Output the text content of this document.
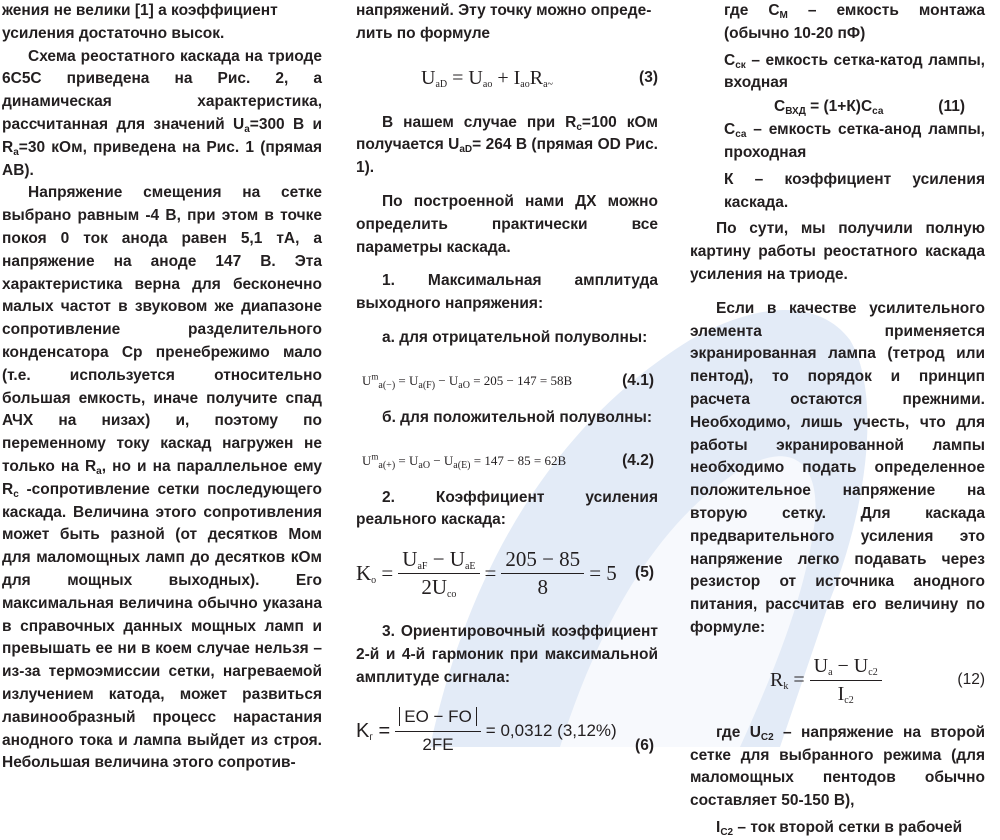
жения не велики [1] а коэффициент

усиления достаточно высок.

Схема реостатного каскада на триоде 6С5С приведена на Рис. 2, а динамическая характеристика, рассчитанная для значений $U_a=300$ В и $R_a=30$ кОм, приведена на Рис. 1 (прямая АВ).

Напряжение смещения на сетке выбрано равным -4 В, при этом в точке покоя 0 ток анода равен 5,1 тА, а напряжение на аноде 147 В. Эта характеристика верна для бесконечно малых частот в звуковом же диапазоне сопротивление разделительного конденсатора Ср пренебрежимо мало (т.е. используется относительно большая емкость, иначе получите спад АЧХ на низах) и, поэтому по переменному току каскад нагружен не только на $R_a$, но и на параллельное ему $R_c$ -сопротивление сетки последующего каскада. Величина этого сопротивления может быть разной (от десятков Мом для маломощных ламп до десятков кОм для мощных выходных). Его максимальная величина обычно указана в справочных данных мощных ламп и превышать ее ни в коем случае нельзя – из-за термоэмиссии сетки, нагреваемой излучением катода, может развиться лавинообразный процесс нарастания анодного тока и лампа выйдет из строя. Небольшая величина этого сопротив-

напряжений. Эту точку можно опреде-

лить по формуле

$U_{aD} = U_{ao} + I_{ao}R_{a\sim}$	(3)

В нашем случае при $R_c=100$ кОм получается $U_{aD}= 264$ В (прямая OD Рис. 1).

По построенной нами ДХ можно определить практически все параметры каскада.

1. Максимальная амплитуда выходного напряжения:

а. для отрицательной полуволны:

$U^m_{a(-)} = U_{a(F)} - U_{aO} = 205 - 147 = 58В$	(4.1)

б. для положительной полуволны:

$U^m_{a(+)} = U_{aO} - U_{a(E)} = 147 - 85 = 62В$	(4.2)

2. Коэффициент усиления реального каскада:

$K_o = \frac{U_{aF} - U_{aE}}{2U_{co}} = \frac{205 - 85}{8} = 5$ (5)

3. Ориентировочный коэффициент 2-й и 4-й гармоник при максимальной амплитуде сигнала:

$K_г = \frac{EO - FO}{2FE} = 0,0312$ (3,12%)
(6)

где $С_М$ – емкость монтажа (обычно 10-20 пФ)

$С_{ск}$ – емкость сетка-катод лампы, входная

$С_{ВХД} = (1+К)С_{са}$	(11)

$С_{са}$ – емкость сетка-анод лампы, проходная

К – коэффициент усиления каскада.

По сути, мы получили полную картину работы реостатного каскада усиления на триоде.

Если в качестве усилительного элемента применяется экранированная лампа (тетрод или пентод), то порядок и принцип расчета остаются прежними. Необходимо, лишь учесть, что для работы экранированной лампы необходимо подать определенное положительное напряжение на вторую сетку. Для каскада предварительного усиления это напряжение легко подавать через резистор от источника анодного питания, рассчитав его величину по формуле:

$R_k = \frac{U_a - U_{c2}}{I_{c2}}$	(12)

где $U_{С2}$ – напряжение на второй сетке для выбранного режима (для маломощных пентодов обычно составляет 50-150 В),

$I_{С2}$ – ток второй сетки в рабочей
